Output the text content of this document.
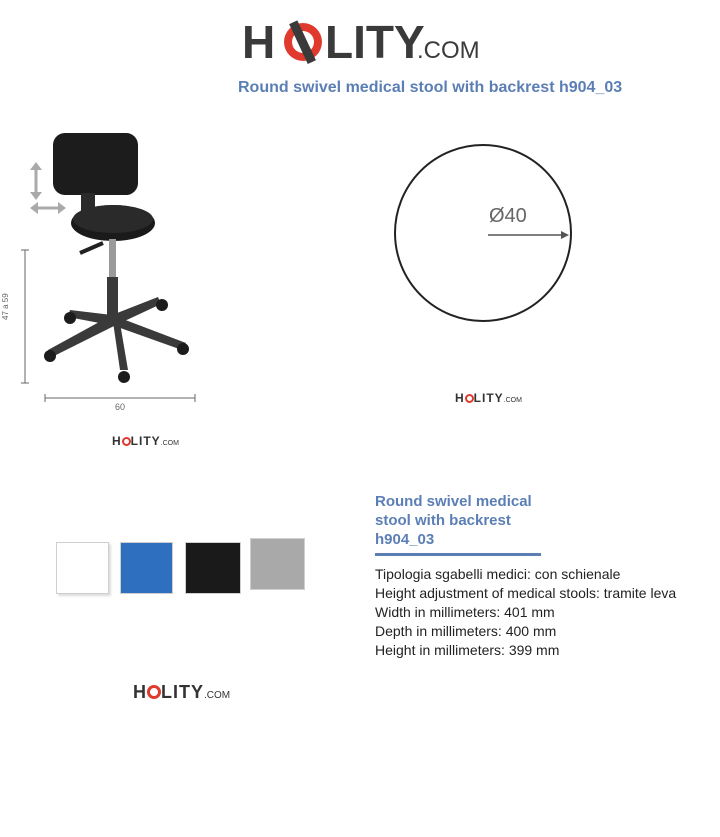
H LITY
.COM
Round swivel medical stool with backrest h904_03
47 a 59
60
H LITY.COM
Ø40
H LITY.COM
H LITY.COM
Round swivel medical
stool with backrest
h904_03
Tipologia sgabelli medici: con schienale
Height adjustment of medical stools: tramite leva
Width in millimeters: 401 mm
Depth in millimeters: 400 mm
Height in millimeters: 399 mm
